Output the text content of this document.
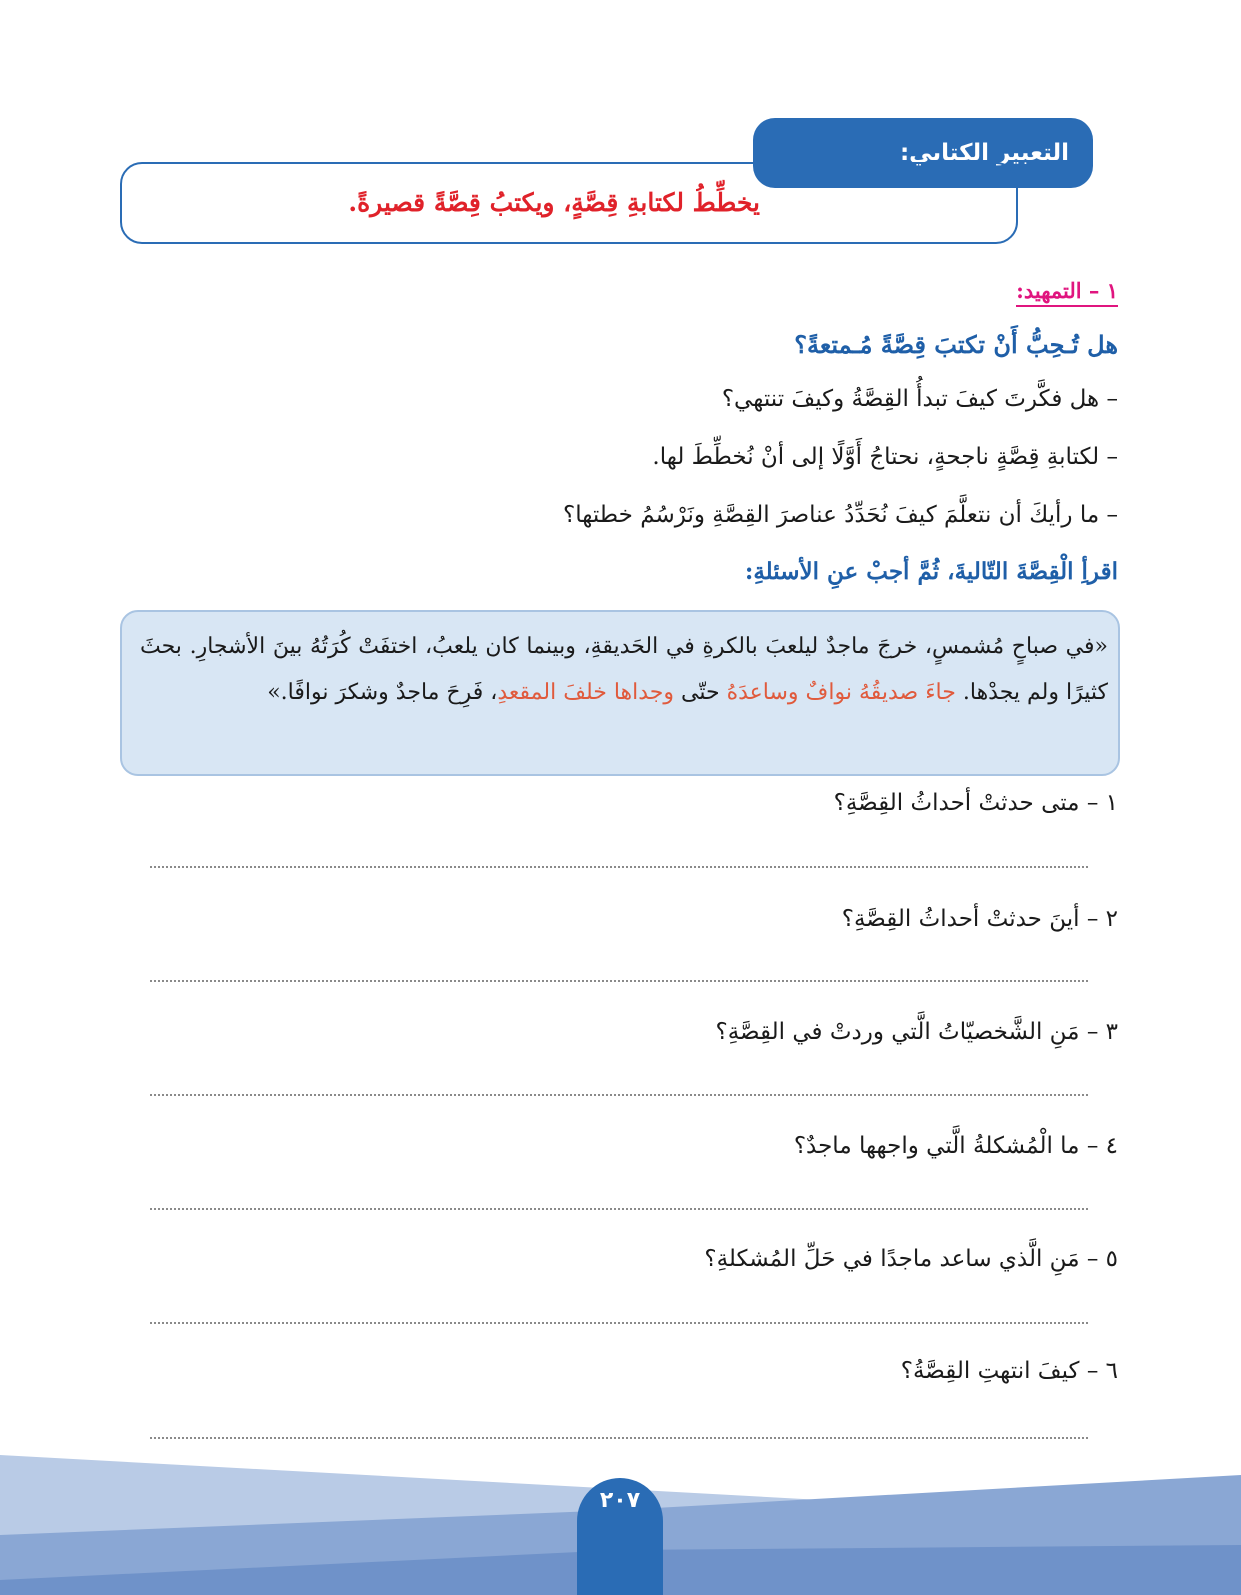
التعبير الكتابي:
يخطِّطُ لكتابةِ قِصَّةٍ، ويكتبُ قِصَّةً قصيرةً.
١ – التمهيد:
هل تُـحِبُّ أَنْ تكتبَ قِصَّةً مُـمتعةً؟
– هل فكَّرتَ كيفَ تبدأُ القِصَّةُ وكيفَ تنتهي؟
– لكتابةِ قِصَّةٍ ناجحةٍ، نحتاجُ أَوَّلًا إلى أنْ نُخطِّطَ لها.
– ما رأيكَ أن نتعلَّمَ كيفَ نُحَدِّدُ عناصرَ القِصَّةِ ونَرْسُمُ خطتها؟
اقرأِ الْقِصَّةَ التّاليةَ، ثُمَّ أجبْ عنِ الأسئلةِ:
«في صباحٍ مُشمسٍ، خرجَ ماجدٌ ليلعبَ بالكرةِ في الحَديقةِ، وبينما كان يلعبُ، اختفَتْ كُرَتُهُ بينَ الأشجارِ. بحثَ كثيرًا ولم يجدْها. جاءَ صديقُهُ نوافٌ وساعدَهُ حتّى وجداها خلفَ المقعدِ، فَرِحَ ماجدٌ وشكرَ نوافًا.»
١ – متى حدثتْ أحداثُ القِصَّةِ؟
٢ – أينَ حدثتْ أحداثُ القِصَّةِ؟
٣ – مَنِ الشَّخصيّاتُ الَّتي وردتْ في القِصَّةِ؟
٤ – ما الْمُشكلةُ الَّتي واجهها ماجدٌ؟
٥ – مَنِ الَّذي ساعد ماجدًا في حَلِّ المُشكلةِ؟
٦ – كيفَ انتهتِ القِصَّةُ؟
٢٠٧
